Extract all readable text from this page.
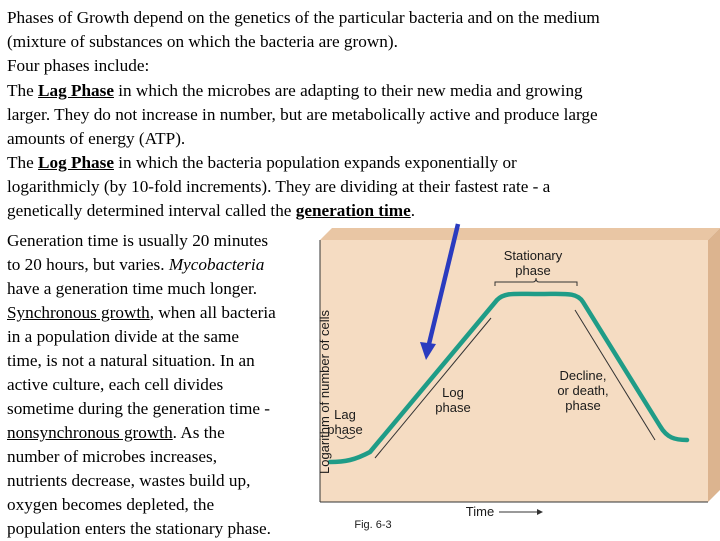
Phases of Growth depend on the genetics of the particular bacteria and on the medium

(mixture of substances on which the bacteria are grown).

Four phases include:

The Lag Phase in which the microbes are adapting to their new media and growing

larger. They do not increase in number, but are metabolically active and produce large

amounts of energy (ATP).

The Log Phase in which the bacteria population expands exponentially or

logarithmicly (by 10-fold increments). They are dividing at their fastest rate - a

genetically determined interval called the generation time.

Generation time is usually 20 minutes

to 20 hours, but varies. Mycobacteria

have a generation time much longer.

Synchronous growth, when all bacteria

in a population divide at the same

time, is not a natural situation. In an

active culture, each cell divides

sometime during the generation time -

nonsynchronous growth. As the

number of microbes increases,

nutrients decrease, wastes build up,

oxygen becomes depleted, the

population enters the stationary phase.

Lag
phase
Log
phase
Stationary
phase
Decline,
or death,
phase
Logarithm of number of cells
Time
Fig. 6-3
